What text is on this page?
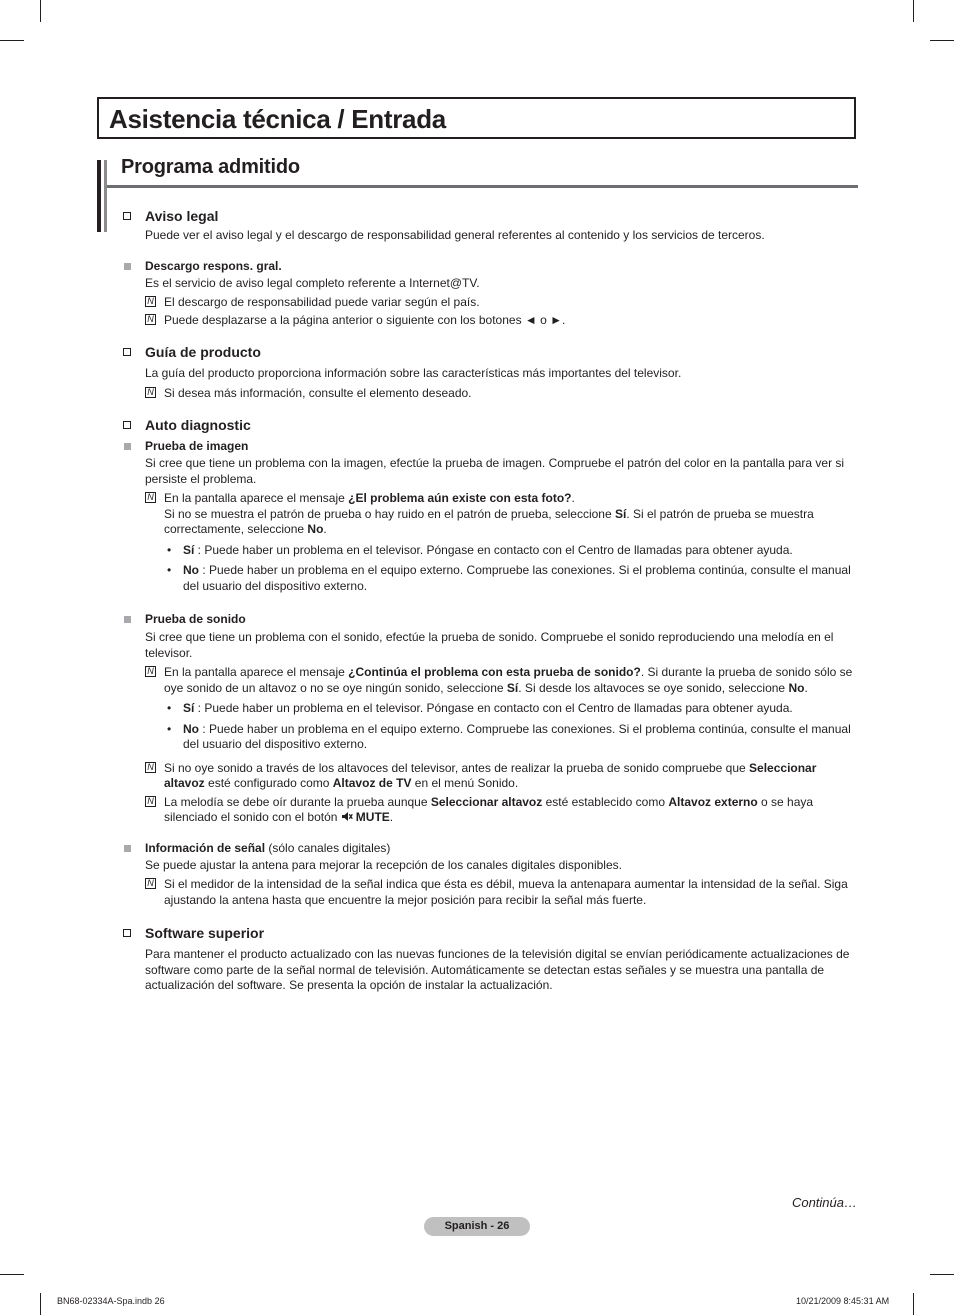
Asistencia técnica / Entrada
Programa admitido
Aviso legal
Puede ver el aviso legal y el descargo de responsabilidad general referentes al contenido y los servicios de terceros.
Descargo respons. gral.
Es el servicio de aviso legal completo referente a Internet@TV.
N El descargo de responsabilidad puede variar según el país.
N Puede desplazarse a la página anterior o siguiente con los botones ◄ o ►.
Guía de producto
La guía del producto proporciona información sobre las características más importantes del televisor.
N Si desea más información, consulte el elemento deseado.
Auto diagnostic
Prueba de imagen
Si cree que tiene un problema con la imagen, efectúe la prueba de imagen. Compruebe el patrón del color en la pantalla para ver si persiste el problema.
N En la pantalla aparece el mensaje ¿El problema aún existe con esta foto?.
Si no se muestra el patrón de prueba o hay ruido en el patrón de prueba, seleccione Sí. Si el patrón de prueba se muestra correctamente, seleccione No.
• Sí : Puede haber un problema en el televisor. Póngase en contacto con el Centro de llamadas para obtener ayuda.
• No : Puede haber un problema en el equipo externo. Compruebe las conexiones. Si el problema continúa, consulte el manual del usuario del dispositivo externo.
Prueba de sonido
Si cree que tiene un problema con el sonido, efectúe la prueba de sonido. Compruebe el sonido reproduciendo una melodía en el televisor.
N En la pantalla aparece el mensaje ¿Continúa el problema con esta prueba de sonido?. Si durante la prueba de sonido sólo se oye sonido de un altavoz o no se oye ningún sonido, seleccione Sí. Si desde los altavoces se oye sonido, seleccione No.
• Sí : Puede haber un problema en el televisor. Póngase en contacto con el Centro de llamadas para obtener ayuda.
• No : Puede haber un problema en el equipo externo. Compruebe las conexiones. Si el problema continúa, consulte el manual del usuario del dispositivo externo.
N Si no oye sonido a través de los altavoces del televisor, antes de realizar la prueba de sonido compruebe que Seleccionar altavoz esté configurado como Altavoz de TV en el menú Sonido.
N La melodía se debe oír durante la prueba aunque Seleccionar altavoz esté establecido como Altavoz externo o se haya silenciado el sonido con el botón MUTE.
Información de señal (sólo canales digitales)
Se puede ajustar la antena para mejorar la recepción de los canales digitales disponibles.
N Si el medidor de la intensidad de la señal indica que ésta es débil, mueva la antenapara aumentar la intensidad de la señal. Siga ajustando la antena hasta que encuentre la mejor posición para recibir la señal más fuerte.
Software superior
Para mantener el producto actualizado con las nuevas funciones de la televisión digital se envían periódicamente actualizaciones de software como parte de la señal normal de televisión. Automáticamente se detectan estas señales y se muestra una pantalla de actualización del software. Se presenta la opción de instalar la actualización.
Continúa…
Spanish - 26
BN68-02334A-Spa.indb 26	10/21/2009 8:45:31 AM
